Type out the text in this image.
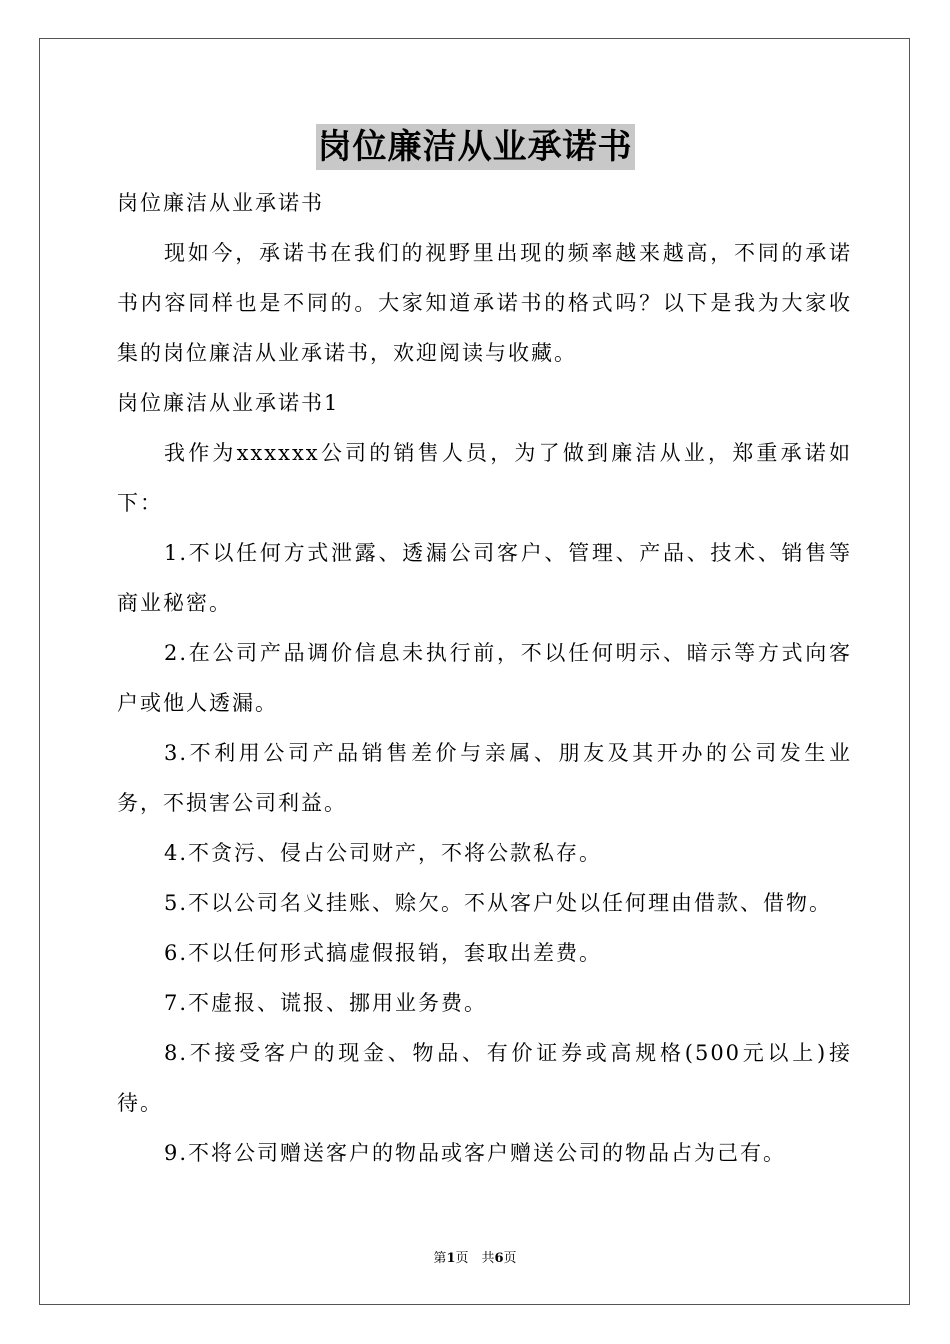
岗位廉洁从业承诺书

岗位廉洁从业承诺书

现如今，承诺书在我们的视野里出现的频率越来越高，不同的承诺书内容同样也是不同的。大家知道承诺书的格式吗？以下是我为大家收集的岗位廉洁从业承诺书，欢迎阅读与收藏。

岗位廉洁从业承诺书1

我作为xxxxxx公司的销售人员，为了做到廉洁从业，郑重承诺如下：

1.不以任何方式泄露、透漏公司客户、管理、产品、技术、销售等商业秘密。

2.在公司产品调价信息未执行前，不以任何明示、暗示等方式向客户或他人透漏。

3.不利用公司产品销售差价与亲属、朋友及其开办的公司发生业务，不损害公司利益。

4.不贪污、侵占公司财产，不将公款私存。

5.不以公司名义挂账、赊欠。不从客户处以任何理由借款、借物。

6.不以任何形式搞虚假报销，套取出差费。

7.不虚报、谎报、挪用业务费。

8.不接受客户的现金、物品、有价证券或高规格(500元以上)接待。

9.不将公司赠送客户的物品或客户赠送公司的物品占为己有。

第1页　共6页
